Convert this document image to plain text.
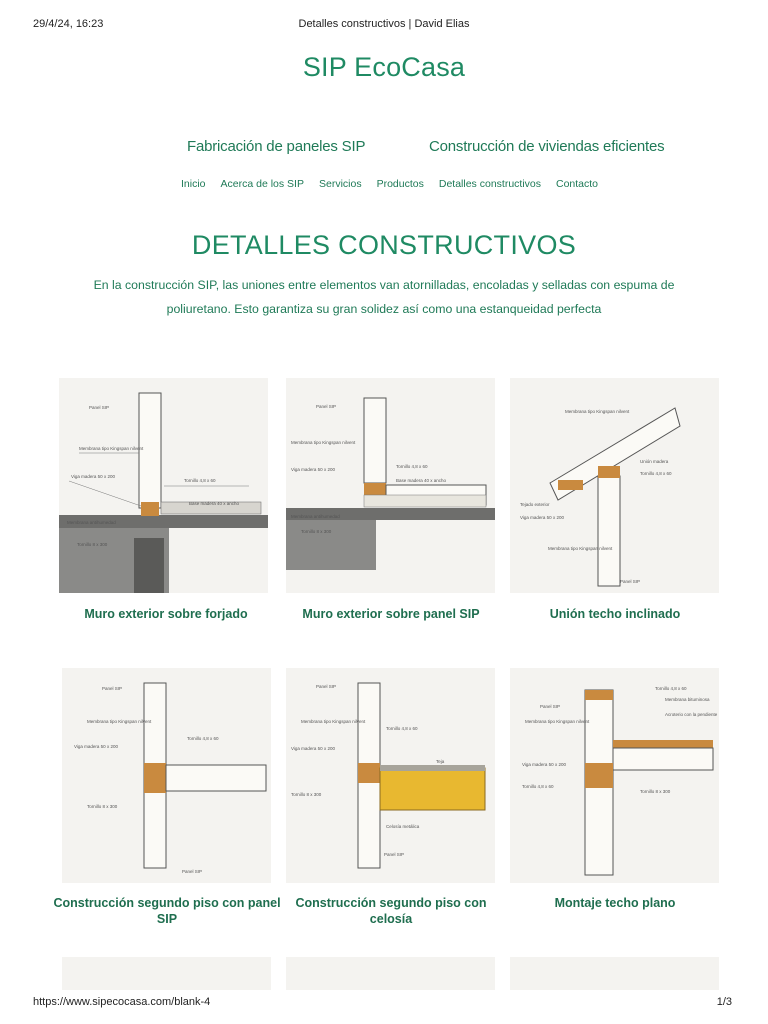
29/4/24, 16:23	Detalles constructivos | David Elias
SIP EcoCasa
Fabricación de paneles SIP	Construcción de viviendas eficientes
Inicio Acerca de los SIP Servicios Productos Detalles constructivos Contacto
DETALLES CONSTRUCTIVOS

En la construcción SIP, las uniones entre elementos van atornilladas, encoladas y selladas con espuma de poliuretano. Esto garantiza su gran solidez así como una estanqueidad perfecta

Panel SIP
Membrana tipo Kingspan nilvent
Viga madera 50 x 200
Tornillo 4,8 x 60
Base madera 40 x ancho
Membrana antihumedad
Tornillo 8 x 300
Muro exterior sobre forjado
Panel SIP
Membrana tipo Kingspan nilvent
Viga madera 50 x 200
Tornillo 4,8 x 60
Base madera 40 x ancho
Membrana antihumedad
Tornillo 8 x 300
Muro exterior sobre panel SIP
Membrana tipo Kingspan nilvent
Unión madera
Tornillo 4,8 x 60
Tejado exterior
Viga madera 50 x 200
Membrana tipo Kingspan nilvent
Panel SIP
Unión techo inclinado
Panel SIP
Membrana tipo Kingspan nilvent
Viga madera 50 x 200
Tornillo 4,8 x 60
Tornillo 8 x 300
Panel SIP
Construcción segundo piso con panel SIP
Panel SIP
Membrana tipo Kingspan nilvent
Viga madera 50 x 200
Tornillo 4,8 x 60
Teja
Tornillo 8 x 300
Celosía metálica
Panel SIP
Construcción segundo piso con celosía
Tornillo 4,8 x 60
Panel SIP
Membrana bituminosa
Acroterio con la pendiente
Membrana tipo Kingspan nilvent
Viga madera 50 x 200
Tornillo 4,8 x 60
Tornillo 8 x 300
Montaje techo plano
https://www.sipecocasa.com/blank-4	1/3
